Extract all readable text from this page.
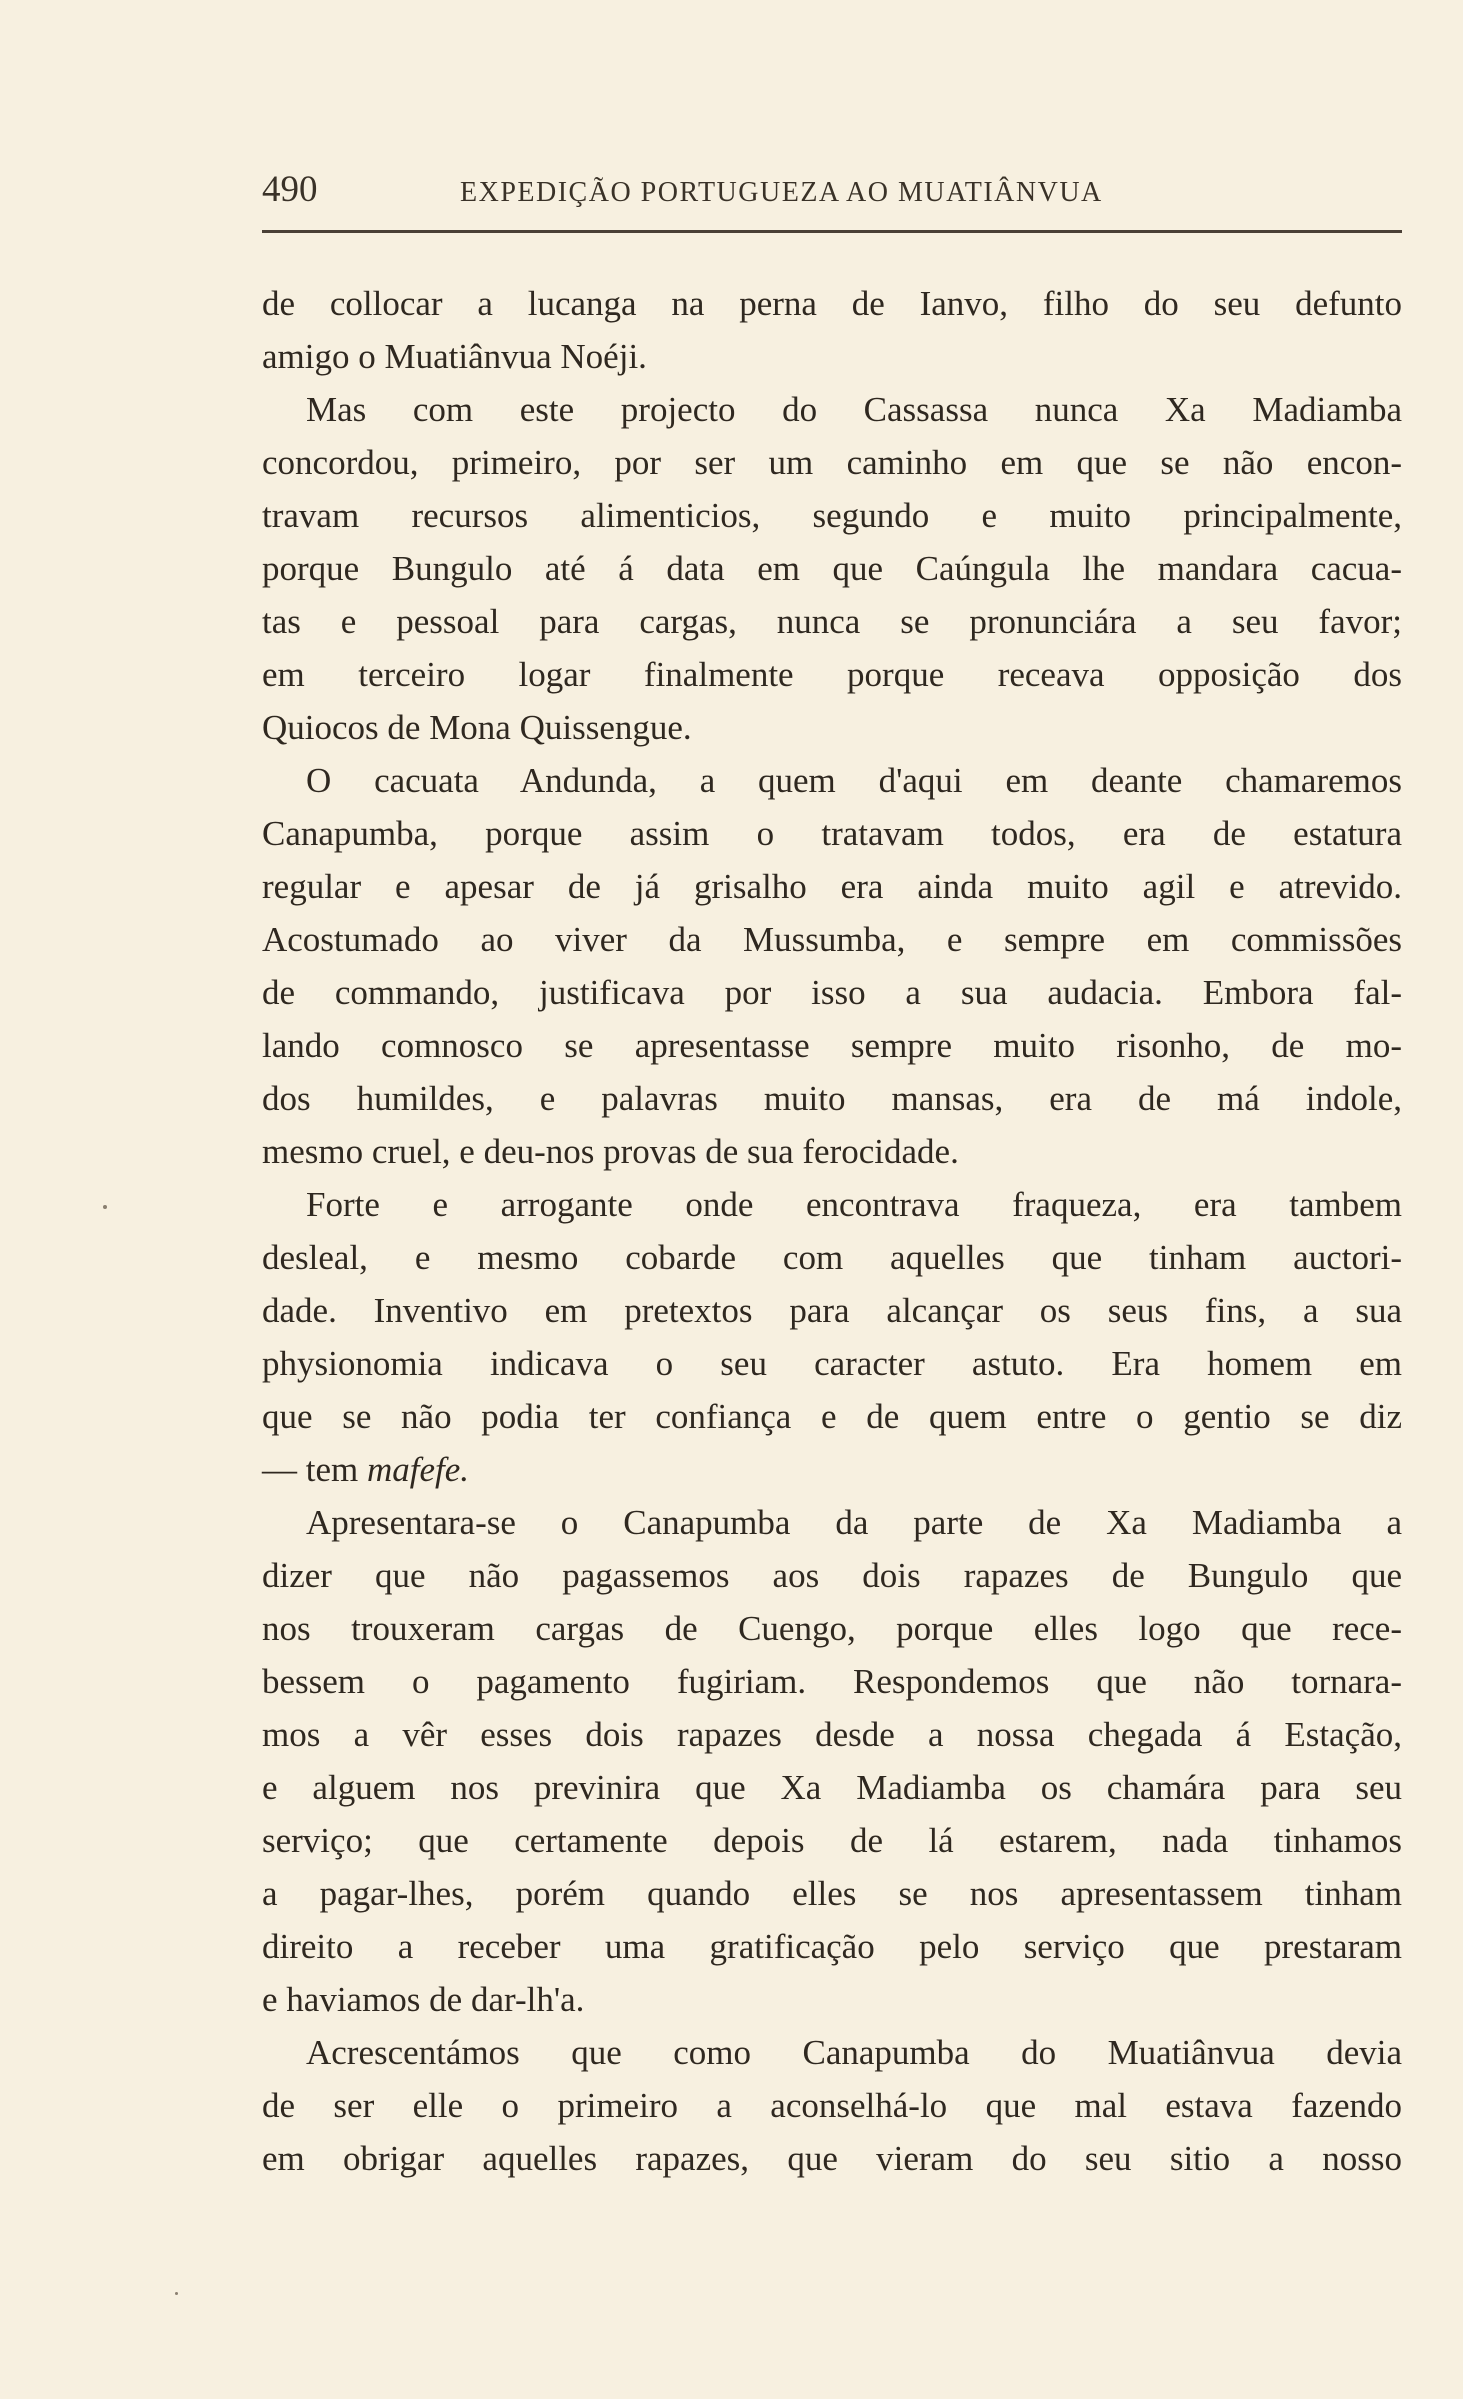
490	EXPEDIÇÃO PORTUGUEZA AO MUATIÂNVUA
de collocar a lucanga na perna de Ianvo, filho do seu defunto
amigo o Muatiânvua Noéji.
Mas com este projecto do Cassassa nunca Xa Madiamba
concordou, primeiro, por ser um caminho em que se não encon-
travam recursos alimenticios, segundo e muito principalmente,
porque Bungulo até á data em que Caúngula lhe mandara cacua-
tas e pessoal para cargas, nunca se pronunciára a seu favor;
em terceiro logar finalmente porque receava opposição dos
Quiocos de Mona Quissengue.
O cacuata Andunda, a quem d'aqui em deante chamaremos
Canapumba, porque assim o tratavam todos, era de estatura
regular e apesar de já grisalho era ainda muito agil e atrevido.
Acostumado ao viver da Mussumba, e sempre em commissões
de commando, justificava por isso a sua audacia. Embora fal-
lando comnosco se apresentasse sempre muito risonho, de mo-
dos humildes, e palavras muito mansas, era de má indole,
mesmo cruel, e deu-nos provas de sua ferocidade.
Forte e arrogante onde encontrava fraqueza, era tambem
desleal, e mesmo cobarde com aquelles que tinham auctori-
dade. Inventivo em pretextos para alcançar os seus fins, a sua
physionomia indicava o seu caracter astuto. Era homem em
que se não podia ter confiança e de quem entre o gentio se diz
— tem mafefe.
Apresentara-se o Canapumba da parte de Xa Madiamba a
dizer que não pagassemos aos dois rapazes de Bungulo que
nos trouxeram cargas de Cuengo, porque elles logo que rece-
bessem o pagamento fugiriam. Respondemos que não tornara-
mos a vêr esses dois rapazes desde a nossa chegada á Estação,
e alguem nos previnira que Xa Madiamba os chamára para seu
serviço; que certamente depois de lá estarem, nada tinhamos
a pagar-lhes, porém quando elles se nos apresentassem tinham
direito a receber uma gratificação pelo serviço que prestaram
e haviamos de dar-lh'a.
Acrescentámos que como Canapumba do Muatiânvua devia
de ser elle o primeiro a aconselhá-lo que mal estava fazendo
em obrigar aquelles rapazes, que vieram do seu sitio a nosso
